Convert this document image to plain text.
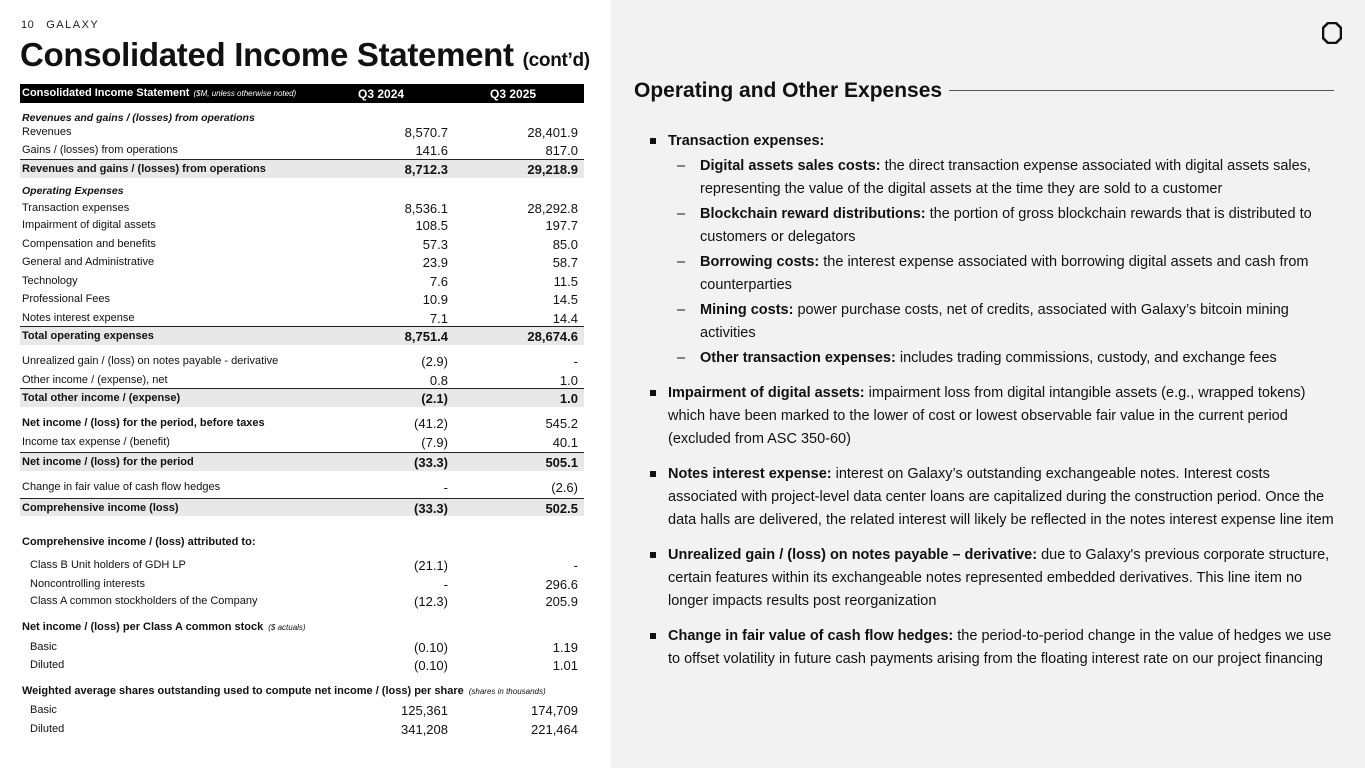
10 GALAXY
Consolidated Income Statement (cont’d)
Consolidated Income Statement ($M, unless otherwise noted)	Q3 2024	Q3 2025
Revenues and gains / (losses) from operations
Revenues	8,570.7	28,401.9
Gains / (losses) from operations	141.6	817.0
Revenues and gains / (losses) from operations	8,712.3	29,218.9
Operating Expenses
Transaction expenses	8,536.1	28,292.8
Impairment of digital assets	108.5	197.7
Compensation and benefits	57.3	85.0
General and Administrative	23.9	58.7
Technology	7.6	11.5
Professional Fees	10.9	14.5
Notes interest expense	7.1	14.4
Total operating expenses	8,751.4	28,674.6
Unrealized gain / (loss) on notes payable - derivative	(2.9)	-
Other income / (expense), net	0.8	1.0
Total other income / (expense)	(2.1)	1.0
Net income / (loss) for the period, before taxes	(41.2)	545.2
Income tax expense / (benefit)	(7.9)	40.1
Net income / (loss) for the period	(33.3)	505.1
Change in fair value of cash flow hedges	-	(2.6)
Comprehensive income (loss)	(33.3)	502.5
Comprehensive income / (loss) attributed to:
Class B Unit holders of GDH LP	(21.1)	-
Noncontrolling interests	-	296.6
Class A common stockholders of the Company	(12.3)	205.9
Net income / (loss) per Class A common stock ($ actuals)
Basic	(0.10)	1.19
Diluted	(0.10)	1.01
Weighted average shares outstanding used to compute net income / (loss) per share (shares in thousands)
Basic	125,361	174,709
Diluted	341,208	221,464
Operating and Other Expenses
Transaction expenses:
– Digital assets sales costs: the direct transaction expense associated with digital assets sales, representing the value of the digital assets at the time they are sold to a customer
– Blockchain reward distributions: the portion of gross blockchain rewards that is distributed to customers or delegators
– Borrowing costs: the interest expense associated with borrowing digital assets and cash from counterparties
– Mining costs: power purchase costs, net of credits, associated with Galaxy’s bitcoin mining activities
– Other transaction expenses: includes trading commissions, custody, and exchange fees
Impairment of digital assets: impairment loss from digital intangible assets (e.g., wrapped tokens) which have been marked to the lower of cost or lowest observable fair value in the current period (excluded from ASC 350-60)
Notes interest expense: interest on Galaxy’s outstanding exchangeable notes. Interest costs associated with project-level data center loans are capitalized during the construction period. Once the data halls are delivered, the related interest will likely be reflected in the notes interest expense line item
Unrealized gain / (loss) on notes payable – derivative: due to Galaxy's previous corporate structure, certain features within its exchangeable notes represented embedded derivatives. This line item no longer impacts results post reorganization
Change in fair value of cash flow hedges: the period-to-period change in the value of hedges we use to offset volatility in future cash payments arising from the floating interest rate on our project financing
